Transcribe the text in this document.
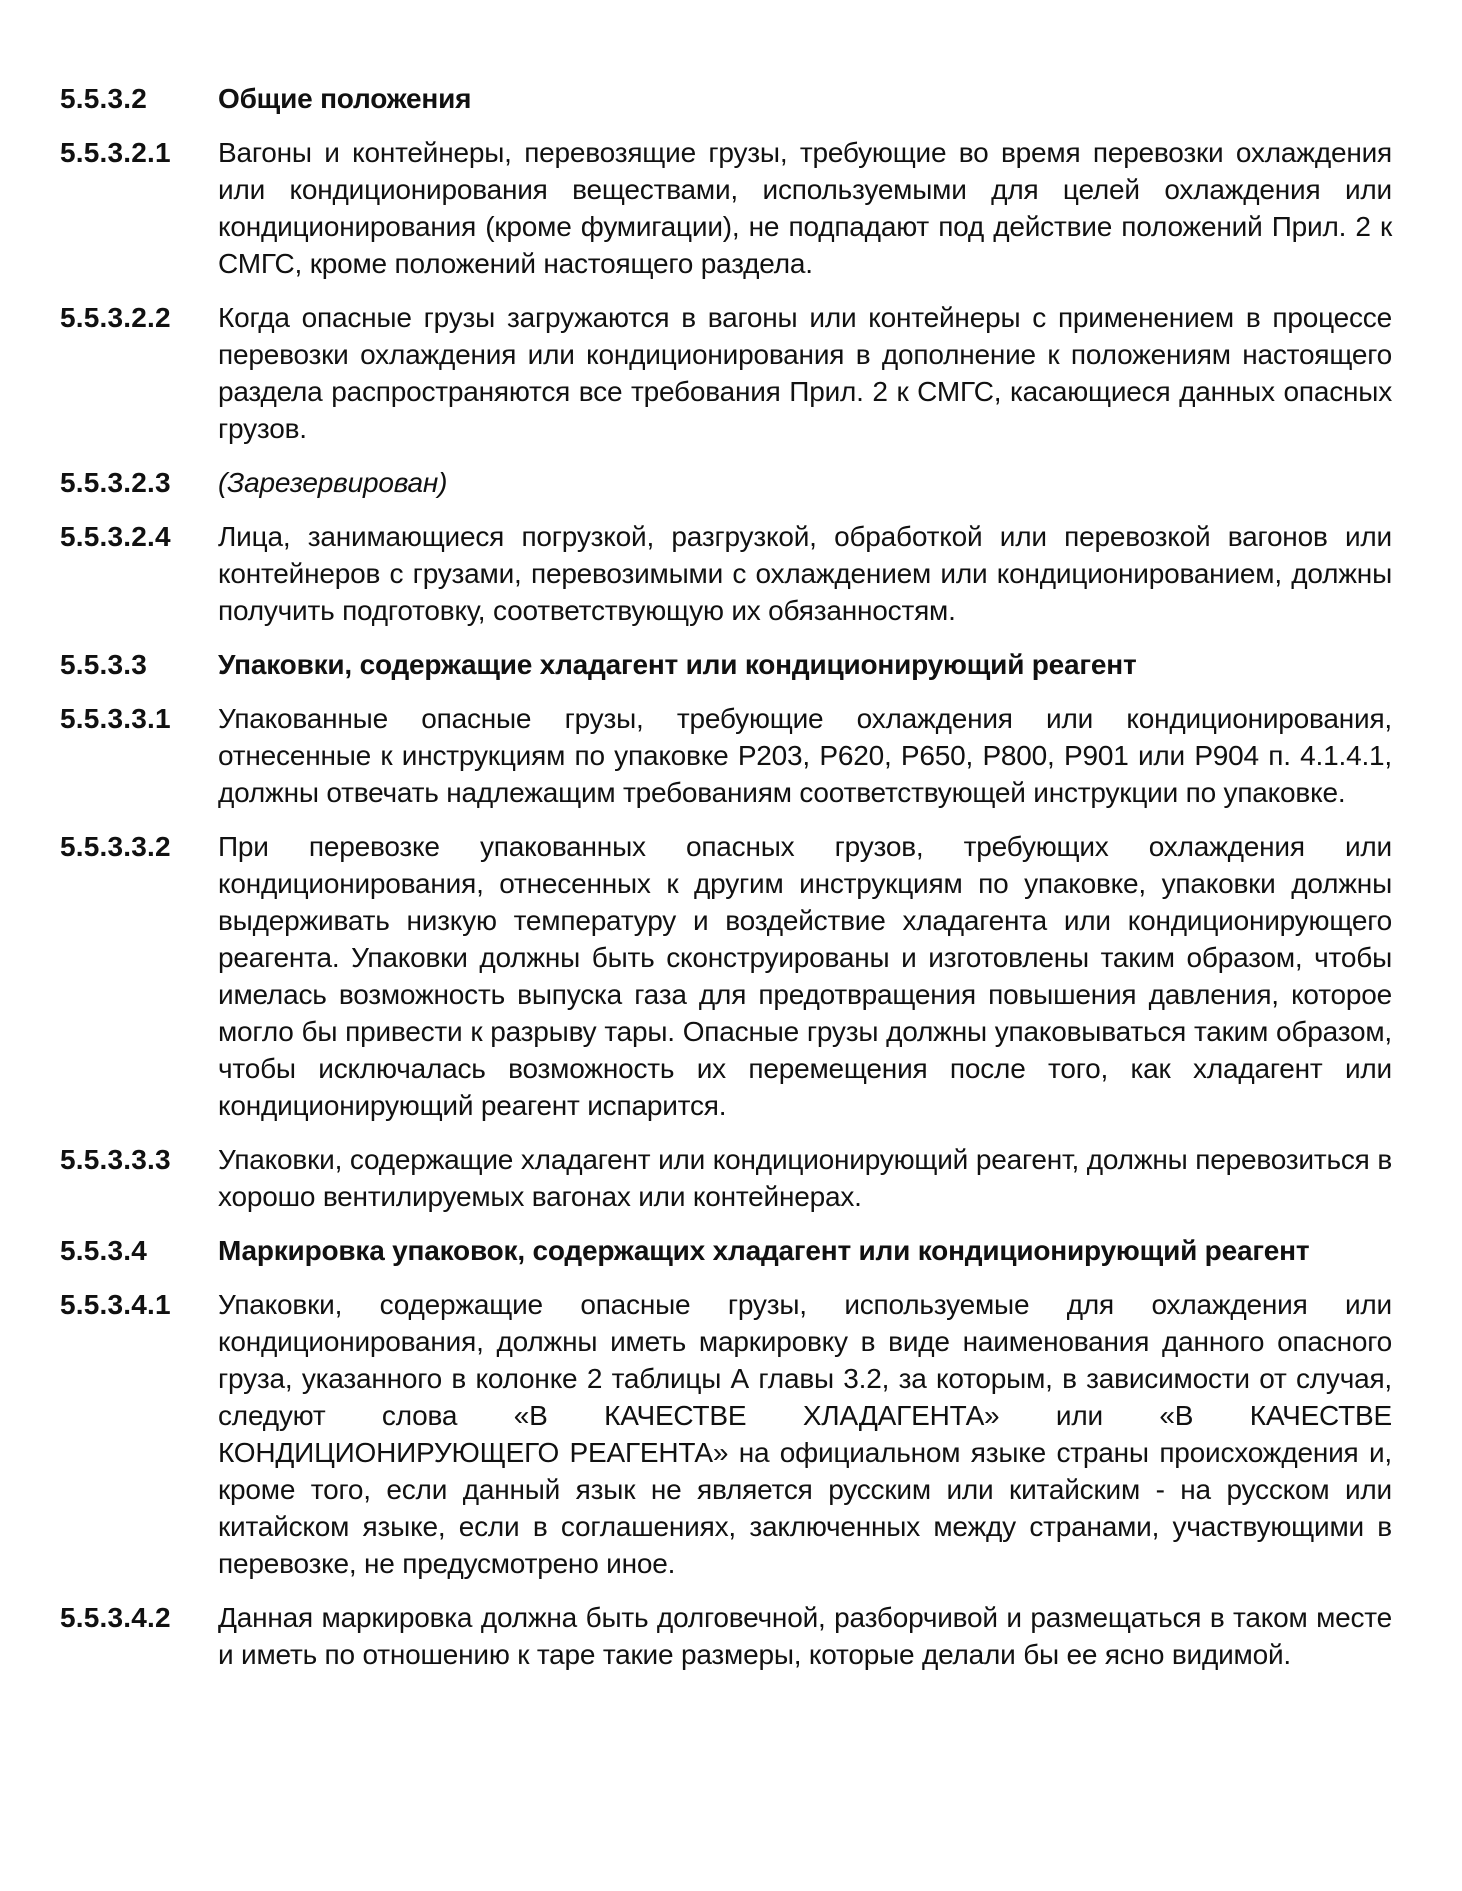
5.5.3.2	Общие положения
5.5.3.2.1	Вагоны и контейнеры, перевозящие грузы, требующие во время перевозки охлаждения или кондиционирования веществами, используемыми для целей охлаждения или кондиционирования (кроме фумигации), не подпадают под действие положений Прил. 2 к СМГС, кроме положений настоящего раздела.
5.5.3.2.2	Когда опасные грузы загружаются в вагоны или контейнеры с применением в процессе перевозки охлаждения или кондиционирования в дополнение к положениям настоящего раздела распространяются все требования Прил. 2 к СМГС, касающиеся данных опасных грузов.
5.5.3.2.3	(Зарезервирован)
5.5.3.2.4	Лица, занимающиеся погрузкой, разгрузкой, обработкой или перевозкой вагонов или контейнеров с грузами, перевозимыми с охлаждением или кондиционированием, должны получить подготовку, соответствующую их обязанностям.
5.5.3.3	Упаковки, содержащие хладагент или кондиционирующий реагент
5.5.3.3.1	Упакованные опасные грузы, требующие охлаждения или кондиционирования, отнесенные к инструкциям по упаковке P203, P620, P650, P800, P901 или P904 п. 4.1.4.1, должны отвечать надлежащим требованиям соответствующей инструкции по упаковке.
5.5.3.3.2	При перевозке упакованных опасных грузов, требующих охлаждения или кондиционирования, отнесенных к другим инструкциям по упаковке, упаковки должны выдерживать низкую температуру и воздействие хладагента или кондиционирующего реагента. Упаковки должны быть сконструированы и изготовлены таким образом, чтобы имелась возможность выпуска газа для предотвращения повышения давления, которое могло бы привести к разрыву тары. Опасные грузы должны упаковываться таким образом, чтобы исключалась возможность их перемещения после того, как хладагент или кондиционирующий реагент испарится.
5.5.3.3.3	Упаковки, содержащие хладагент или кондиционирующий реагент, должны перевозиться в хорошо вентилируемых вагонах или контейнерах.
5.5.3.4	Маркировка упаковок, содержащих хладагент или кондиционирующий реагент
5.5.3.4.1	Упаковки, содержащие опасные грузы, используемые для охлаждения или кондиционирования, должны иметь маркировку в виде наименования данного опасного груза, указанного в колонке 2 таблицы А главы 3.2, за которым, в зависимости от случая, следуют слова «В КАЧЕСТВЕ ХЛАДАГЕНТА» или «В КАЧЕСТВЕ КОНДИЦИОНИРУЮЩЕГО РЕАГЕНТА» на официальном языке страны происхождения и, кроме того, если данный язык не является русским или китайским - на русском или китайском языке, если в соглашениях, заключенных между странами, участвующими в перевозке, не предусмотрено иное.
5.5.3.4.2	Данная маркировка должна быть долговечной, разборчивой и размещаться в таком месте и иметь по отношению к таре такие размеры, которые делали бы ее ясно видимой.
